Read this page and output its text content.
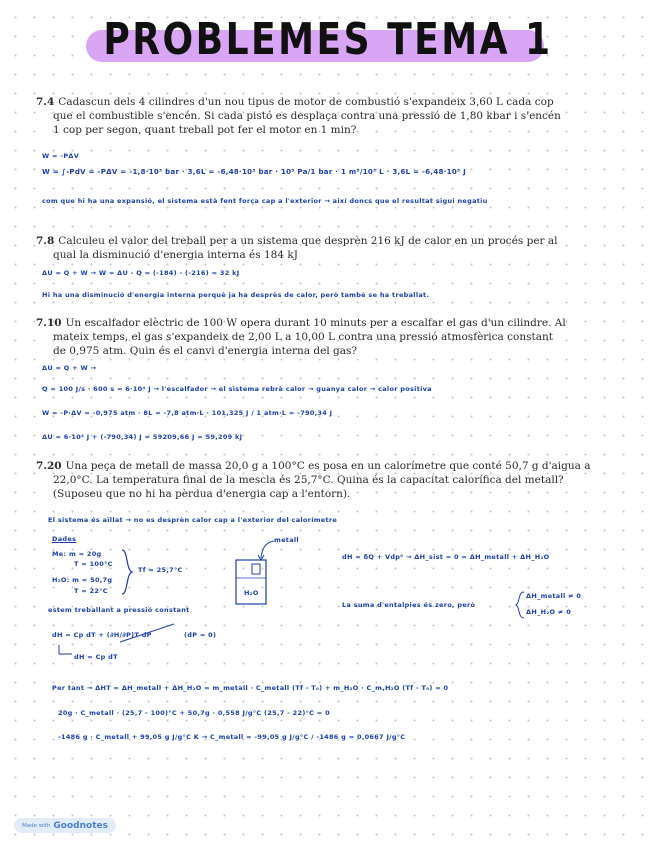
PROBLEMES TEMA 1
7.4 Cadascun dels 4 cilindres d'un nou tipus de motor de combustió s'expandeix 3,60 L cada cop
que el combustible s'encén. Si cada pistó es desplaça contra una pressió de 1,80 kbar i s'encén
1 cop per segon, quant treball pot fer el motor en 1 min?
W = -PΔV
W = ∫-PdV = -PΔV = -1,8·10³ bar · 3,6L = -6,48·10³ bar · 10⁵ Pa/1 bar · 1 m³/10³ L · 3,6L = -6,48·10⁵ J
com que hi ha una expansió, el sistema està fent força cap a l'exterior → així doncs que el resultat sigui negatiu
7.8 Calculeu el valor del treball per a un sistema que desprèn 216 kJ de calor en un procés per al
qual la disminució d'energia interna és 184 kJ
ΔU = Q + W → W = ΔU - Q = (-184) - (-216) = 32 kJ
Hi ha una disminució d'energia interna perquè ja ha desprès de calor, però també se ha treballat.
7.10 Un escalfador elèctric de 100 W opera durant 10 minuts per a escalfar el gas d'un cilindre. Al
mateix temps, el gas s'expandeix de 2,00 L a 10,00 L contra una pressió atmosfèrica constant
de 0,975 atm. Quin és el canvi d'energia interna del gas?
ΔU = Q + W →
Q = 100 J/s · 600 s = 6·10⁴ J → l'escalfador → el sistema rebrà calor → guanya calor → calor positiva
W = -P·ΔV = -0,975 atm · 8L = -7,8 atm·L · 101,325 J / 1 atm·L = -790,34 J
ΔU = 6·10⁴ J + (-790,34) J = 59209,66 J = 59,209 kJ
7.20 Una peça de metall de massa 20,0 g a 100°C es posa en un calorímetre que conté 50,7 g d'aigua a
22,0°C. La temperatura final de la mescla és 25,7°C. Quina és la capacitat calorífica del metall?
(Suposeu que no hi ha pèrdua d'energia cap a l'entorn).
El sistema és aïllat → no es desprèn calor cap a l'exterior del calorímetre
Dades
Me: m = 20g
T = 100°C
H₂O: m = 50,7g
T = 22°C
Tf = 25,7°C
estem treballant a pressió constant
dH = Cp dT + (∂H/∂P)T dP	(dP = 0)
dH = Cp dT
metall
H₂O
dH = δQ + Vdp⁰ → ΔH_sist = 0 = ΔH_metall + ΔH_H₂O
La suma d'entalpies és zero, però
ΔH_metall ≠ 0
ΔH_H₂O ≠ 0
Per tant → ΔHT = ΔH_metall + ΔH_H₂O = m_metall · C_metall (Tf - T₀) + m_H₂O · C_m,H₂O (Tf - T₀) = 0
20g · C_metall · (25,7 - 100)°C + 50,7g · 0,558 J/g°C (25,7 - 22)°C = 0
-1486 g · C_metall + 99,05 g J/g°C K → C_metall = -99,05 g J/g°C / -1486 g = 0,0667 J/g°C
Made with Goodnotes
